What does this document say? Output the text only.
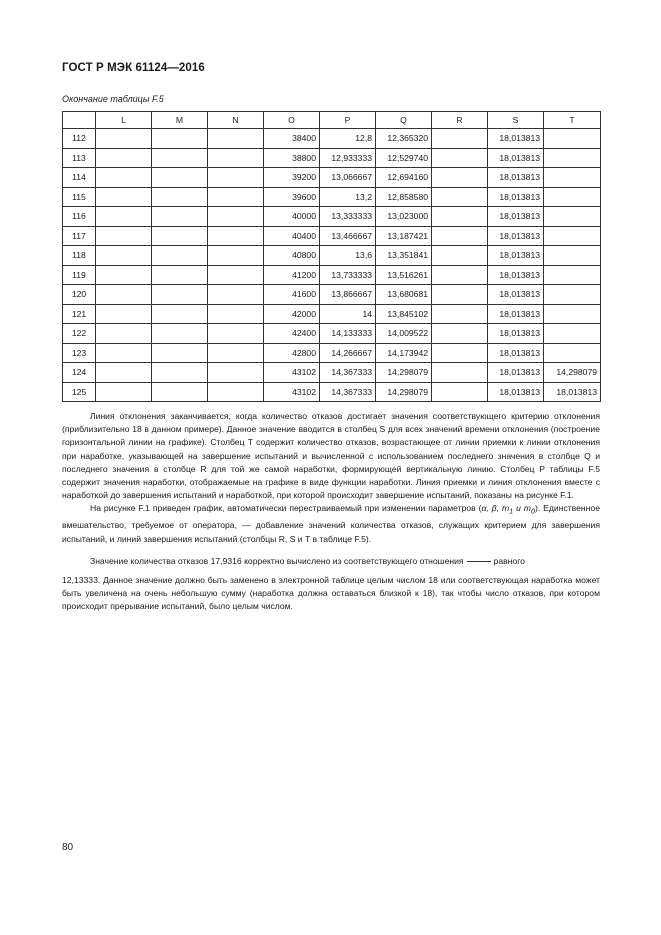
ГОСТ Р МЭК 61124—2016
Окончание таблицы F.5
	L	M	N	O	P	Q	R	S	T
112				38400	12,8	12,365320		18,013813	
113				38800	12,933333	12,529740		18,013813	
114				39200	13,066667	12,694160		18,013813	
115				39600	13,2	12,858580		18,013813	
116				40000	13,333333	13,023000		18,013813	
117				40400	13,466667	13,187421		18,013813	
118				40800	13,6	13,351841		18,013813	
119				41200	13,733333	13,516261		18,013813	
120				41600	13,866667	13,680681		18,013813	
121				42000	14	13,845102		18,013813	
122				42400	14,133333	14,009522		18,013813	
123				42800	14,266667	14,173942		18,013813	
124				43102	14,367333	14,298079		18,013813	14,298079
125				43102	14,367333	14,298079		18,013813	18,013813

Линия отклонения заканчивается, когда количество отказов достигает значения соответствующего критерию отклонения (приблизительно 18 в данном примере). Данное значение вводится в столбец S для всех значений времени отклонения (построение горизонтальной линии на графике). Столбец T содержит количество отказов, возрастающее от линии приемки к линии отклонения при наработке, указывающей на завершение испытаний и вычисленной с использованием последнего значения в столбце Q и последнего значения в столбце R для той же самой наработки, формирующей вертикальную линию. Столбец P таблицы F.5 содержит значения наработки, отображаемые на графике в виде функции наработки. Линия приемки и линия отклонения вместе с наработкой до завершения испытаний и наработкой, при которой происходит завершение испытаний, показаны на рисунке F.1.

На рисунке F.1 приведен график, автоматически перестраиваемый при изменении параметров (α, β, $m_1$ и $m_0$). Единственное вмешательство, требуемое от оператора, — добавление значений количества отказов, служащих критерием для завершения испытаний, и линий завершения испытаний (столбцы R, S и T в таблице F.5).

Значение количества отказов 17,9316 корректно вычислено из соответствующего отношения	равного

12,13333. Данное значение должно быть заменено в электронной таблице целым числом 18 или соответствующая наработка может быть увеличена на очень небольшую сумму (наработка должна оставаться близкой к 18), так чтобы число отказов, при котором происходит прерывание испытаний, было целым числом.

80
